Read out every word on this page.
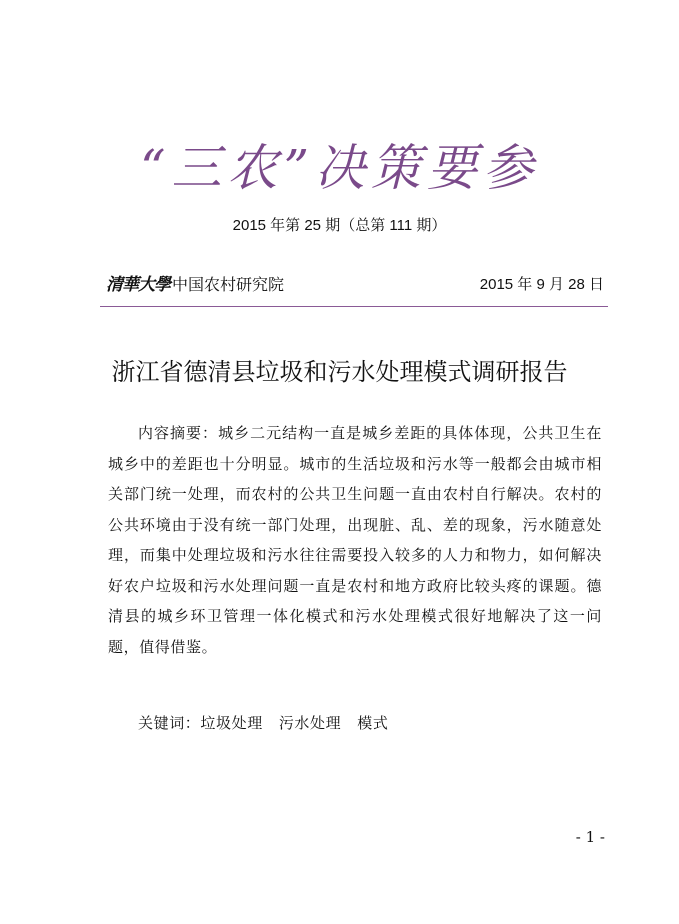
“三农”决策要参
2015 年第 25 期（总第 111 期）
清華大學 中国农村研究院	2015 年 9 月 28 日
浙江省德清县垃圾和污水处理模式调研报告
内容摘要：城乡二元结构一直是城乡差距的具体体现，公共卫生在城乡中的差距也十分明显。城市的生活垃圾和污水等一般都会由城市相关部门统一处理，而农村的公共卫生问题一直由农村自行解决。农村的公共环境由于没有统一部门处理，出现脏、乱、差的现象，污水随意处理，而集中处理垃圾和污水往往需要投入较多的人力和物力，如何解决好农户垃圾和污水处理问题一直是农村和地方政府比较头疼的课题。德清县的城乡环卫管理一体化模式和污水处理模式很好地解决了这一问题，值得借鉴。
关键词：垃圾处理 污水处理 模式
- 1 -
